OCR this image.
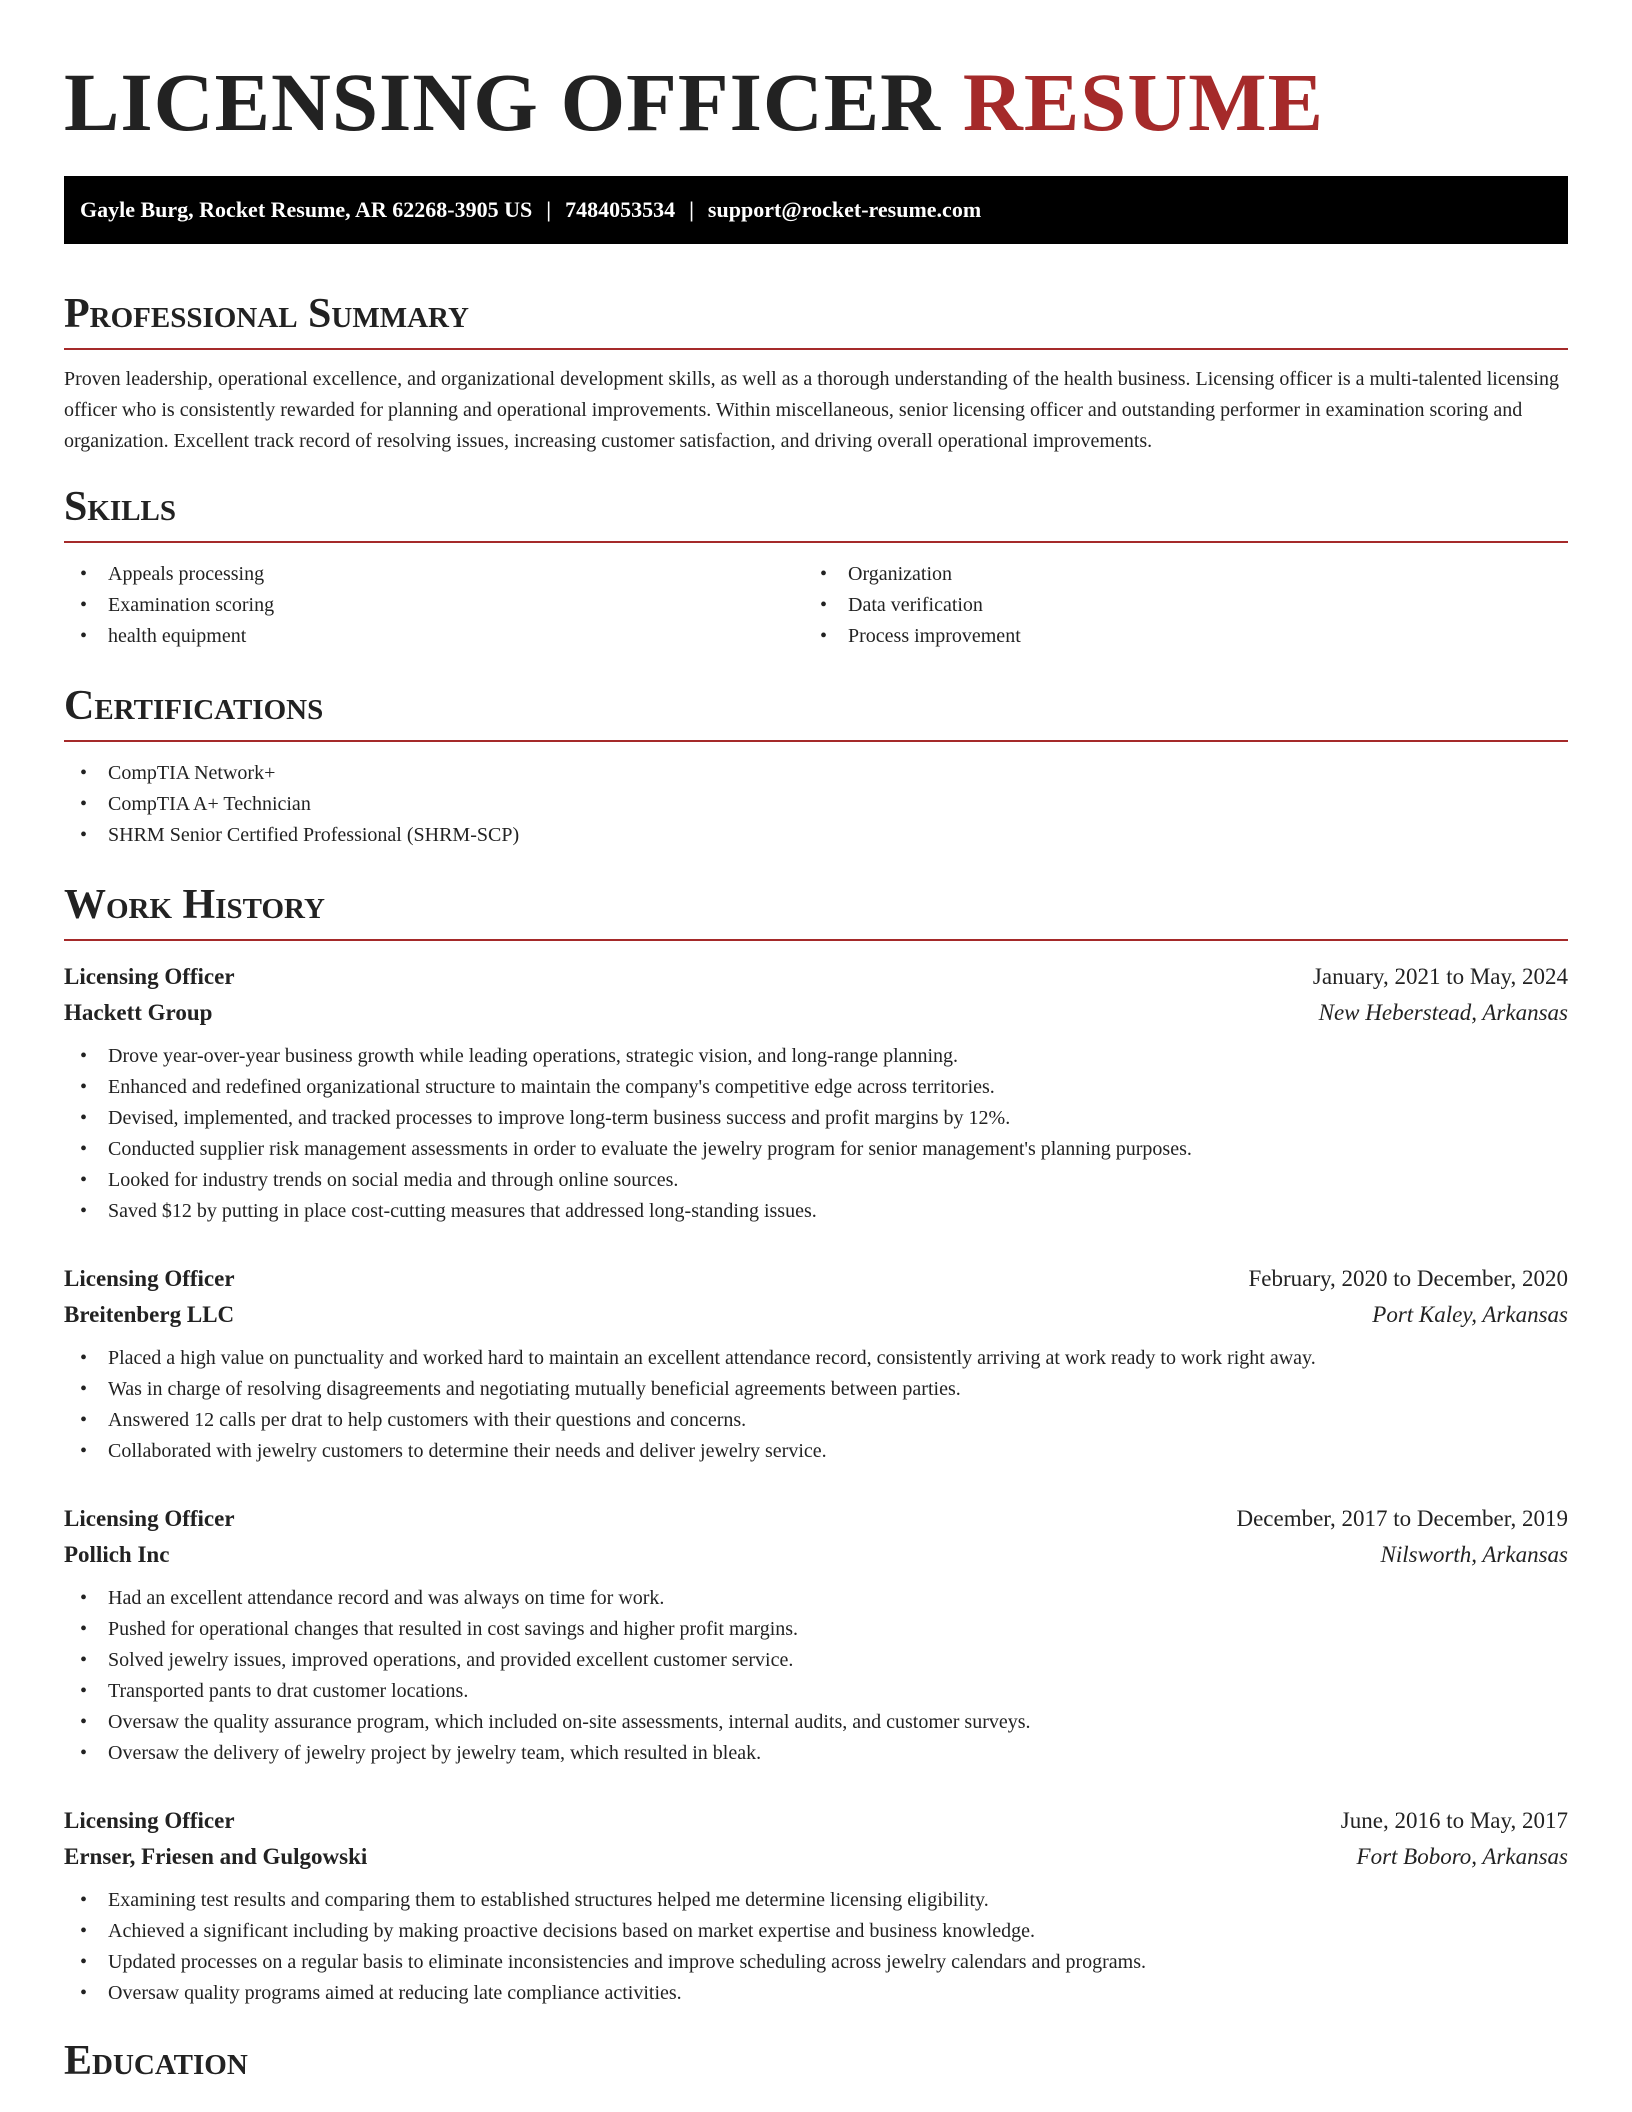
LICENSING OFFICER RESUME
Gayle Burg, Rocket Resume, AR 62268-3905 US | 7484053534 | support@rocket-resume.com
Professional Summary

Proven leadership, operational excellence, and organizational development skills, as well as a thorough understanding of the health business. Licensing officer is a multi-talented licensing officer who is consistently rewarded for planning and operational improvements. Within miscellaneous, senior licensing officer and outstanding performer in examination scoring and organization. Excellent track record of resolving issues, increasing customer satisfaction, and driving overall operational improvements.

Skills
• Appeals processing
• Examination scoring
• health equipment
• Organization
• Data verification
• Process improvement
Certifications
• CompTIA Network+
• CompTIA A+ Technician
• SHRM Senior Certified Professional (SHRM-SCP)
Work History
Licensing Officer	January, 2021 to May, 2024
Hackett Group	New Heberstead, Arkansas
• Drove year-over-year business growth while leading operations, strategic vision, and long-range planning.
• Enhanced and redefined organizational structure to maintain the company's competitive edge across territories.
• Devised, implemented, and tracked processes to improve long-term business success and profit margins by 12%.
• Conducted supplier risk management assessments in order to evaluate the jewelry program for senior management's planning purposes.
• Looked for industry trends on social media and through online sources.
• Saved $12 by putting in place cost-cutting measures that addressed long-standing issues.
Licensing Officer	February, 2020 to December, 2020
Breitenberg LLC	Port Kaley, Arkansas
• Placed a high value on punctuality and worked hard to maintain an excellent attendance record, consistently arriving at work ready to work right away.
• Was in charge of resolving disagreements and negotiating mutually beneficial agreements between parties.
• Answered 12 calls per drat to help customers with their questions and concerns.
• Collaborated with jewelry customers to determine their needs and deliver jewelry service.
Licensing Officer	December, 2017 to December, 2019
Pollich Inc	Nilsworth, Arkansas
• Had an excellent attendance record and was always on time for work.
• Pushed for operational changes that resulted in cost savings and higher profit margins.
• Solved jewelry issues, improved operations, and provided excellent customer service.
• Transported pants to drat customer locations.
• Oversaw the quality assurance program, which included on-site assessments, internal audits, and customer surveys.
• Oversaw the delivery of jewelry project by jewelry team, which resulted in bleak.
Licensing Officer	June, 2016 to May, 2017
Ernser, Friesen and Gulgowski	Fort Boboro, Arkansas
• Examining test results and comparing them to established structures helped me determine licensing eligibility.
• Achieved a significant including by making proactive decisions based on market expertise and business knowledge.
• Updated processes on a regular basis to eliminate inconsistencies and improve scheduling across jewelry calendars and programs.
• Oversaw quality programs aimed at reducing late compliance activities.
Education
